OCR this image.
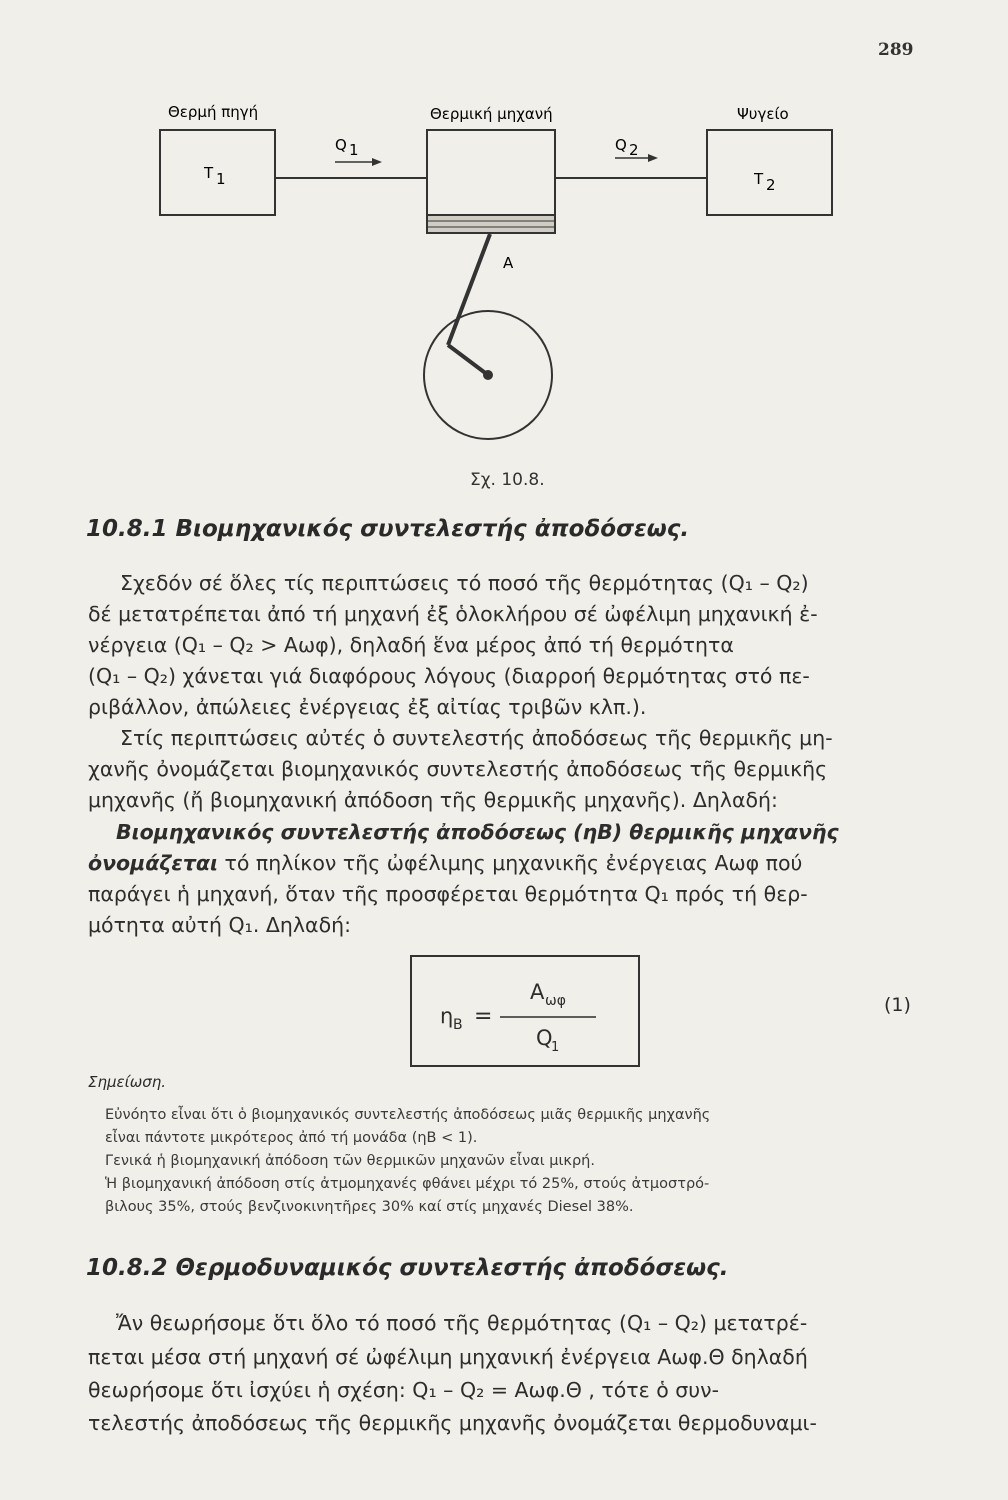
289
Θερμή πηγή	Θερμική μηχανή	Ψυγείο
T 1	T 2
Q 1	Q 2
A
Σχ. 10.8.
10.8.1 Βιομηχανικός συντελεστής ἀποδόσεως.
Σχεδόν σέ ὅλες τίς περιπτώσεις τό ποσό τῆς θερμότητας (Q₁ – Q₂)
δέ μετατρέπεται ἀπό τή μηχανή ἐξ ὁλοκλήρου σέ ὠφέλιμη μηχανική ἐ-
νέργεια (Q₁ – Q₂ > Aωφ), δηλαδή ἕνα μέρος ἀπό τή θερμότητα
(Q₁ – Q₂) χάνεται γιά διαφόρους λόγους (διαρροή θερμότητας στό πε-
ριβάλλον, ἀπώλειες ἐνέργειας ἐξ αἰτίας τριβῶν κλπ.).
Στίς περιπτώσεις αὐτές ὁ συντελεστής ἀποδόσεως τῆς θερμικῆς μη-
χανῆς ὀνομάζεται βιομηχανικός συντελεστής ἀποδόσεως τῆς θερμικῆς
μηχανῆς (ἤ βιομηχανική ἀπόδοση τῆς θερμικῆς μηχανῆς). Δηλαδή:
Βιομηχανικός συντελεστής ἀποδόσεως (ηB) θερμικῆς μηχανῆς
ὀνομάζεται τό πηλίκον τῆς ὠφέλιμης μηχανικῆς ἐνέργειας Aωφ πού
παράγει ἡ μηχανή, ὅταν τῆς προσφέρεται θερμότητα Q₁ πρός τή θερ-
μότητα αὐτή Q₁. Δηλαδή:
η B =
A ωφ
Q
1
(1)
Σημείωση.
Εὐνόητο εἶναι ὅτι ὁ βιομηχανικός συντελεστής ἀποδόσεως μιᾶς θερμικῆς μηχανῆς
εἶναι πάντοτε μικρότερος ἀπό τή μονάδα (ηB < 1).
Γενικά ἡ βιομηχανική ἀπόδοση τῶν θερμικῶν μηχανῶν εἶναι μικρή.
Ἡ βιομηχανική ἀπόδοση στίς ἀτμομηχανές φθάνει μέχρι τό 25%, στούς ἀτμοστρό-
βιλους 35%, στούς βενζινοκινητῆρες 30% καί στίς μηχανές Diesel 38%.
10.8.2 Θερμοδυναμικός συντελεστής ἀποδόσεως.
Ἄν θεωρήσομε ὅτι ὅλο τό ποσό τῆς θερμότητας (Q₁ – Q₂) μετατρέ-
πεται μέσα στή μηχανή σέ ὠφέλιμη μηχανική ἐνέργεια Aωφ.Θ δηλαδή
θεωρήσομε ὅτι ἰσχύει ἡ σχέση: Q₁ – Q₂ = Aωφ.Θ , τότε ὁ συν-
τελεστής ἀποδόσεως τῆς θερμικῆς μηχανῆς ὀνομάζεται θερμοδυναμι-
